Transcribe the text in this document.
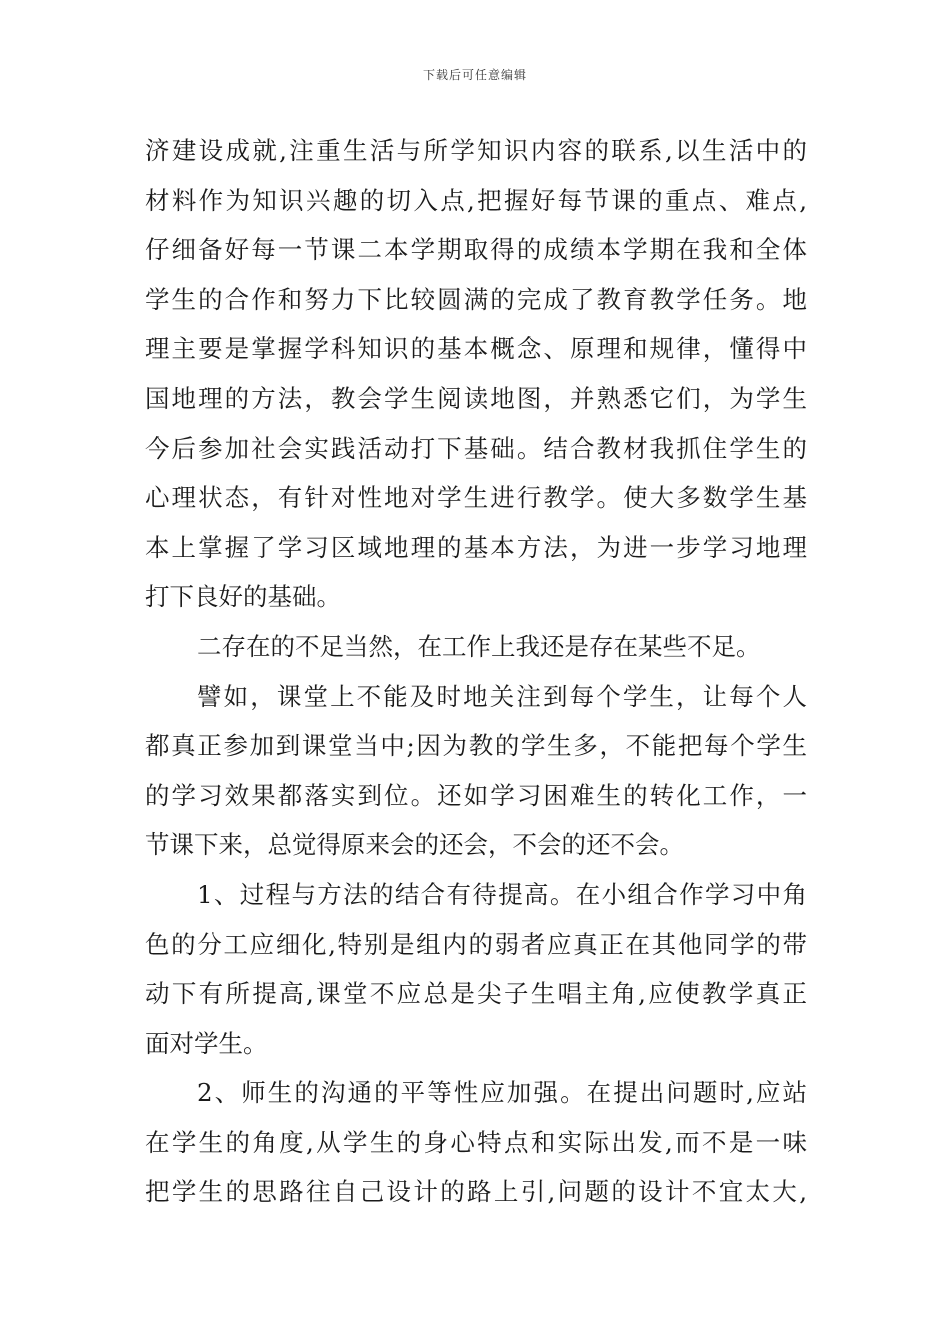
下载后可任意编辑
济建设成就,注重生活与所学知识内容的联系,以生活中的
材料作为知识兴趣的切入点,把握好每节课的重点、难点,
仔细备好每一节课二本学期取得的成绩本学期在我和全体
学生的合作和努力下比较圆满的完成了教育教学任务。地
理主要是掌握学科知识的基本概念、原理和规律，懂得中
国地理的方法，教会学生阅读地图，并熟悉它们，为学生
今后参加社会实践活动打下基础。结合教材我抓住学生的
心理状态，有针对性地对学生进行教学。使大多数学生基
本上掌握了学习区域地理的基本方法，为进一步学习地理
打下良好的基础。
二存在的不足当然，在工作上我还是存在某些不足。
譬如，课堂上不能及时地关注到每个学生，让每个人
都真正参加到课堂当中;因为教的学生多，不能把每个学生
的学习效果都落实到位。还如学习困难生的转化工作，一
节课下来，总觉得原来会的还会，不会的还不会。
1、过程与方法的结合有待提高。在小组合作学习中角
色的分工应细化,特别是组内的弱者应真正在其他同学的带
动下有所提高,课堂不应总是尖子生唱主角,应使教学真正
面对学生。
2、师生的沟通的平等性应加强。在提出问题时,应站
在学生的角度,从学生的身心特点和实际出发,而不是一味
把学生的思路往自己设计的路上引,问题的设计不宜太大,
